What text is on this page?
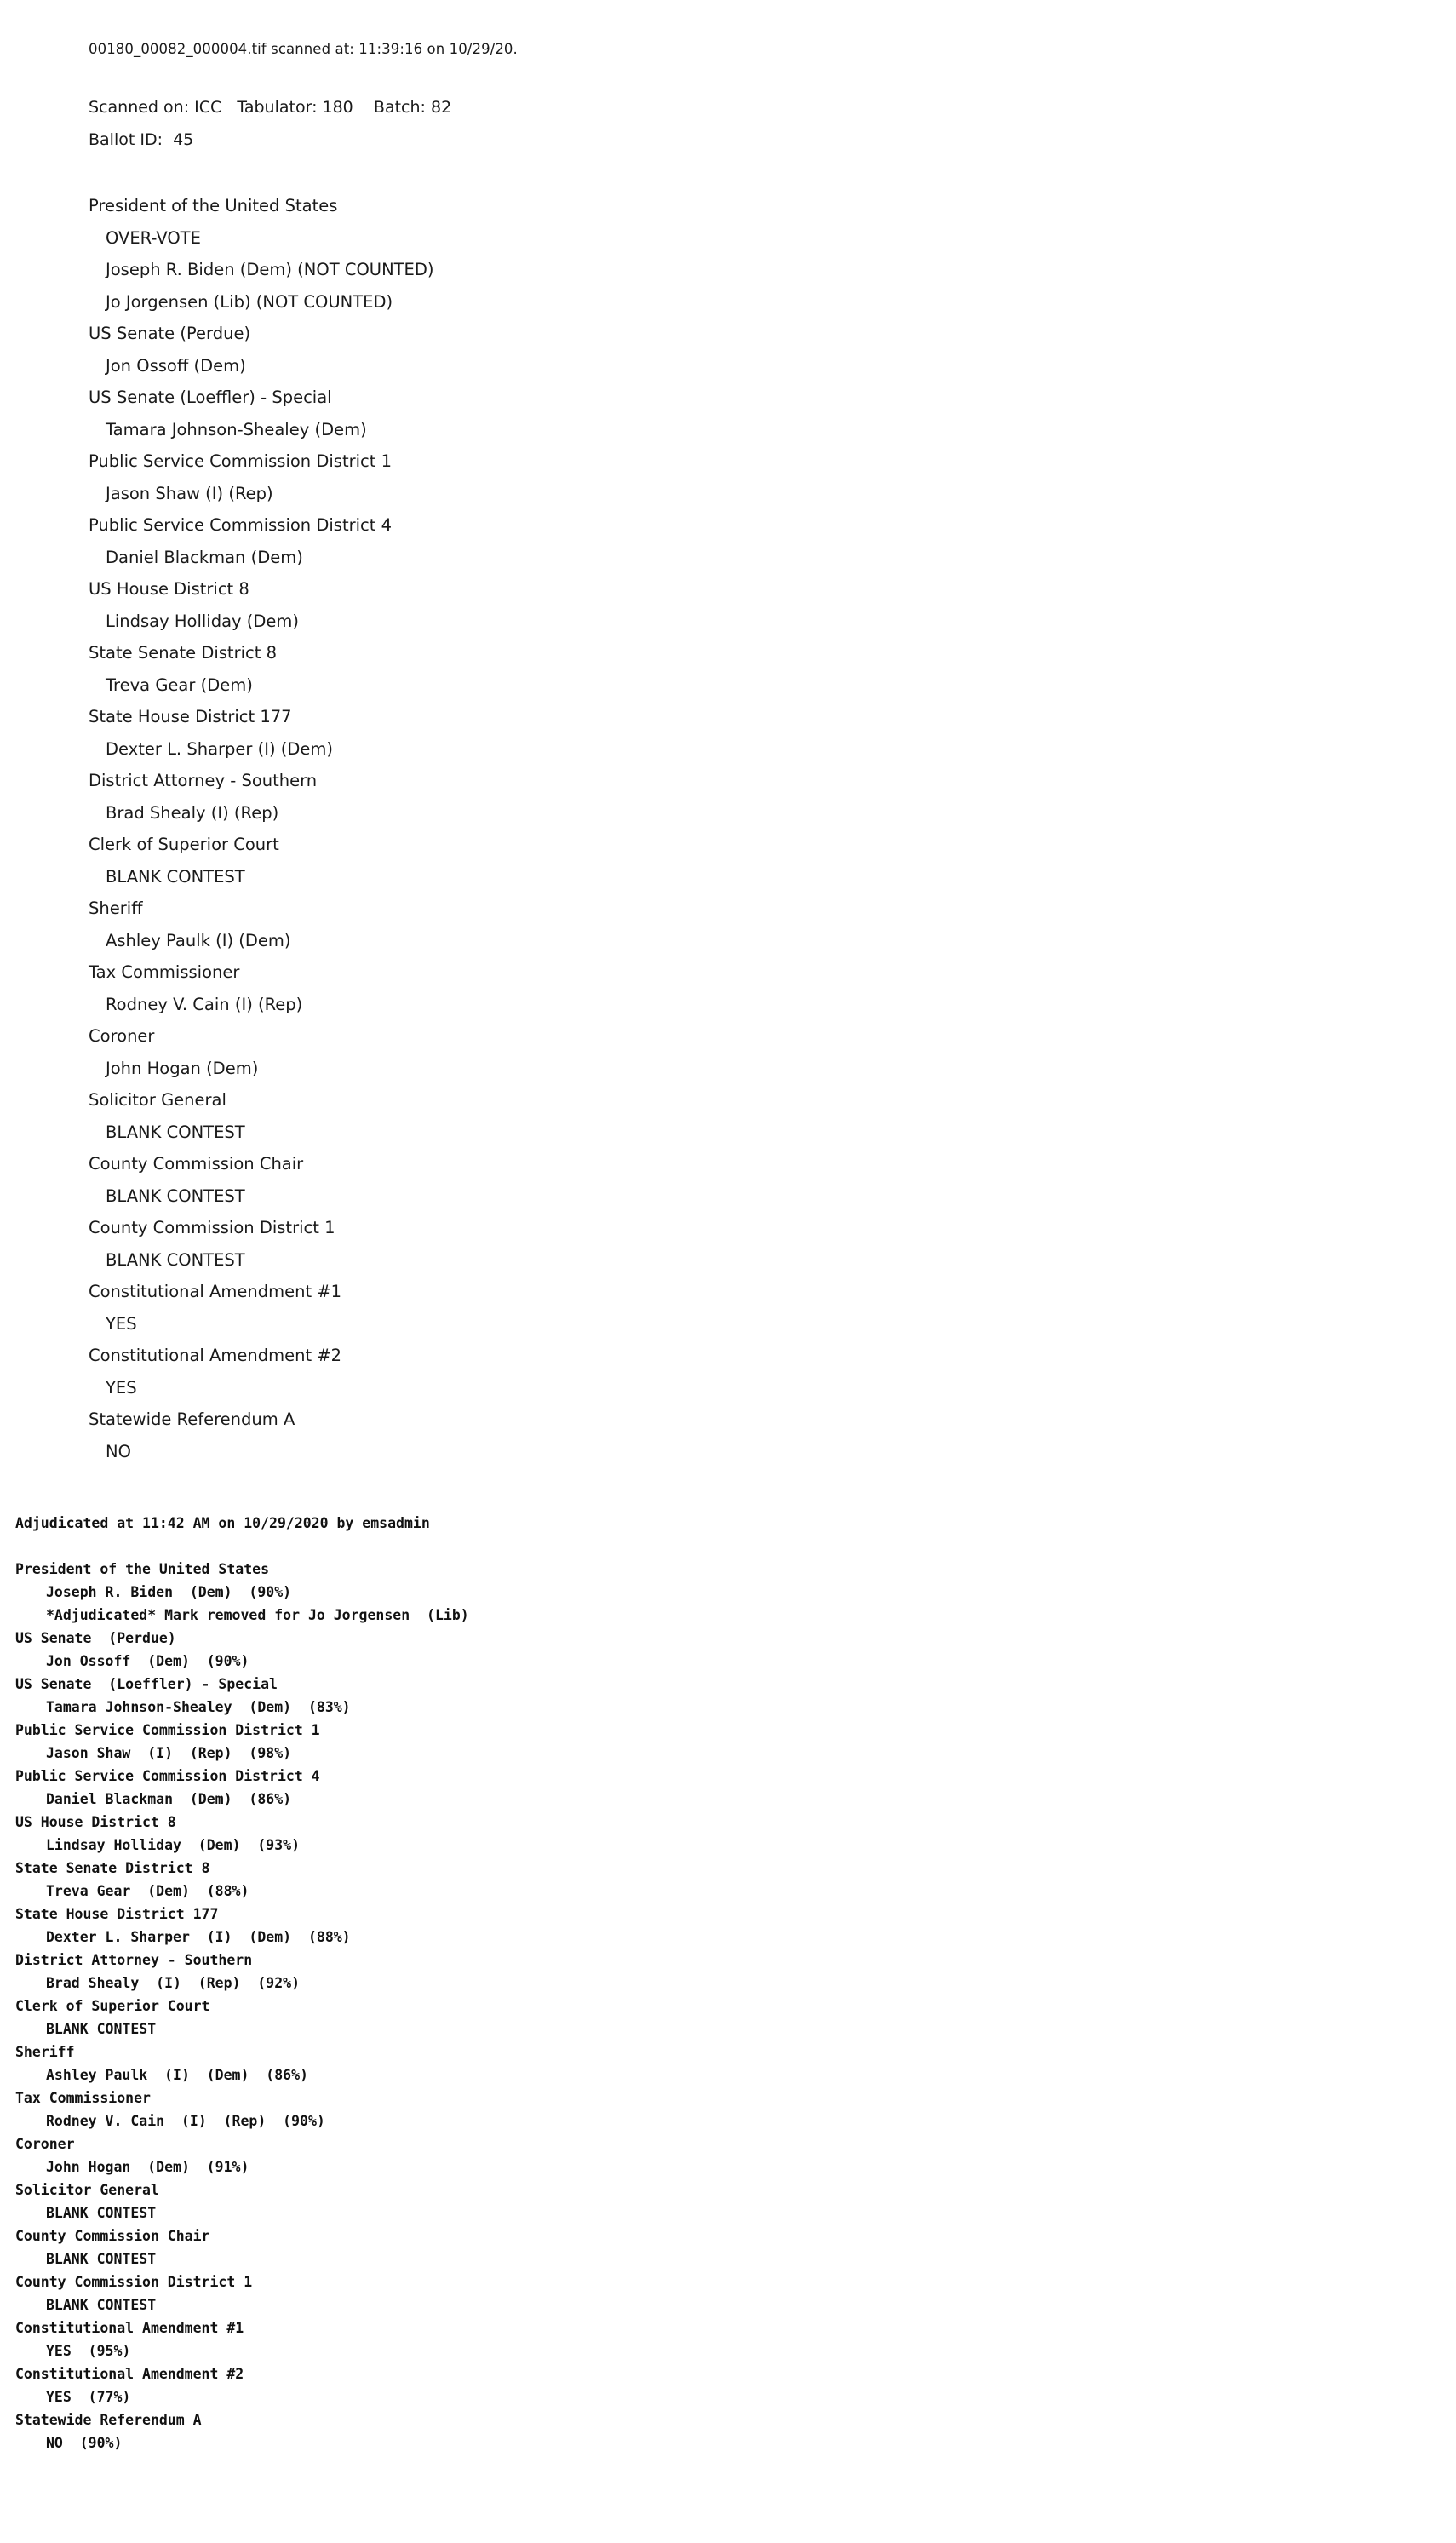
00180_00082_000004.tif scanned at: 11:39:16 on 10/29/20.
Scanned on: ICC   Tabulator: 180    Batch: 82
Ballot ID:  45
President of the United States
OVER-VOTE
Joseph R. Biden (Dem) (NOT COUNTED)
Jo Jorgensen (Lib) (NOT COUNTED)
US Senate (Perdue)
Jon Ossoff (Dem)
US Senate (Loeffler) - Special
Tamara Johnson-Shealey (Dem)
Public Service Commission District 1
Jason Shaw (I) (Rep)
Public Service Commission District 4
Daniel Blackman (Dem)
US House District 8
Lindsay Holliday (Dem)
State Senate District 8
Treva Gear (Dem)
State House District 177
Dexter L. Sharper (I) (Dem)
District Attorney - Southern
Brad Shealy (I) (Rep)
Clerk of Superior Court
BLANK CONTEST
Sheriff
Ashley Paulk (I) (Dem)
Tax Commissioner
Rodney V. Cain (I) (Rep)
Coroner
John Hogan (Dem)
Solicitor General
BLANK CONTEST
County Commission Chair
BLANK CONTEST
County Commission District 1
BLANK CONTEST
Constitutional Amendment #1
YES
Constitutional Amendment #2
YES
Statewide Referendum A
NO
Adjudicated at 11:42 AM on 10/29/2020 by emsadmin
President of the United States
Joseph R. Biden  (Dem)  (90%)
*Adjudicated* Mark removed for Jo Jorgensen  (Lib)
US Senate  (Perdue)
Jon Ossoff  (Dem)  (90%)
US Senate  (Loeffler) - Special
Tamara Johnson-Shealey  (Dem)  (83%)
Public Service Commission District 1
Jason Shaw  (I)  (Rep)  (98%)
Public Service Commission District 4
Daniel Blackman  (Dem)  (86%)
US House District 8
Lindsay Holliday  (Dem)  (93%)
State Senate District 8
Treva Gear  (Dem)  (88%)
State House District 177
Dexter L. Sharper  (I)  (Dem)  (88%)
District Attorney - Southern
Brad Shealy  (I)  (Rep)  (92%)
Clerk of Superior Court
BLANK CONTEST
Sheriff
Ashley Paulk  (I)  (Dem)  (86%)
Tax Commissioner
Rodney V. Cain  (I)  (Rep)  (90%)
Coroner
John Hogan  (Dem)  (91%)
Solicitor General
BLANK CONTEST
County Commission Chair
BLANK CONTEST
County Commission District 1
BLANK CONTEST
Constitutional Amendment #1
YES  (95%)
Constitutional Amendment #2
YES  (77%)
Statewide Referendum A
NO  (90%)
